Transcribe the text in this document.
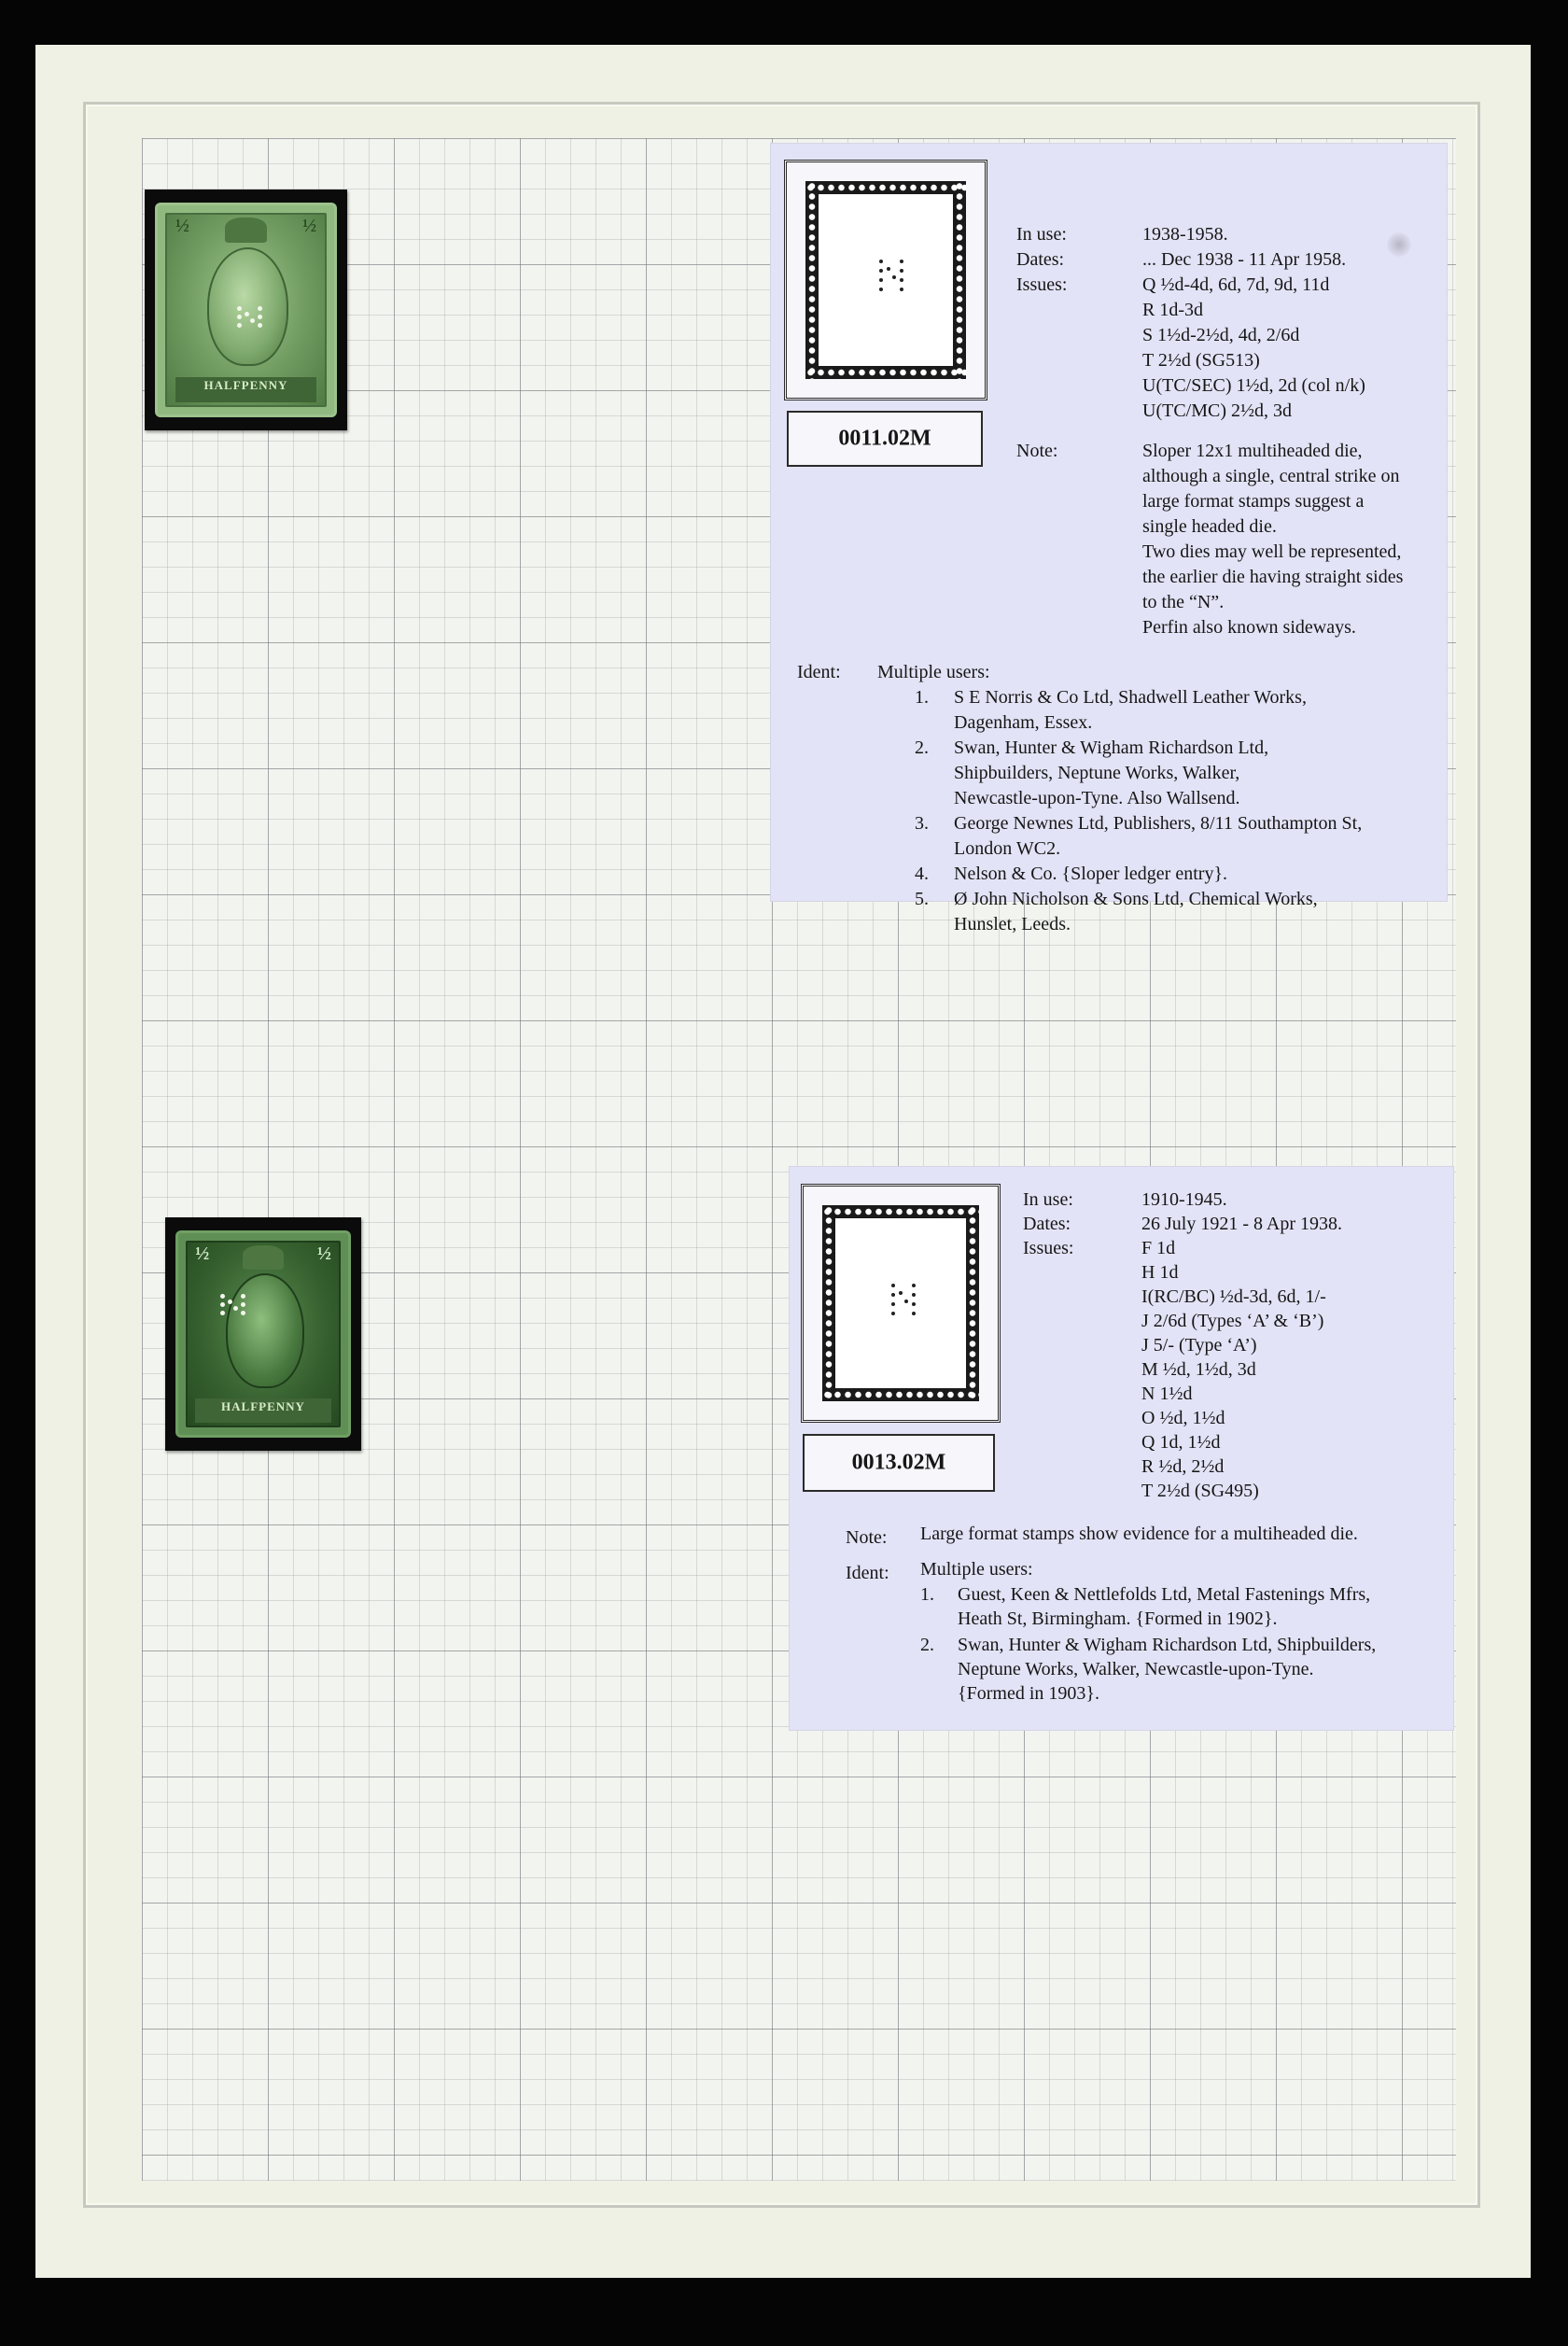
½	½
HALFPENNY
½	½
HALFPENNY
0011.02M
In use:	1938-1958.
Dates:	... Dec 1938 - 11 Apr 1958.
Issues:	Q ½d-4d, 6d, 7d, 9d, 11d
R 1d-3d
S 1½d-2½d, 4d, 2/6d
T 2½d (SG513)
U(TC/SEC) 1½d, 2d (col n/k)
U(TC/MC) 2½d, 3d
Note:	Sloper 12x1 multiheaded die,
although a single, central strike on
large format stamps suggest a
single headed die.
Two dies may well be represented,
the earlier die having straight sides
to the “N”.
Perfin also known sideways.
Ident: Multiple users:
1. S E Norris & Co Ltd, Shadwell Leather Works,
Dagenham, Essex.
2. Swan, Hunter & Wigham Richardson Ltd,
Shipbuilders, Neptune Works, Walker,
Newcastle-upon-Tyne. Also Wallsend.
3. George Newnes Ltd, Publishers, 8/11 Southampton St,
London WC2.
4. Nelson & Co. {Sloper ledger entry}.
5. Ø John Nicholson & Sons Ltd, Chemical Works,
Hunslet, Leeds.
0013.02M
In use:	1910-1945.
Dates:	26 July 1921 - 8 Apr 1938.
Issues:	F 1d
H 1d
I(RC/BC) ½d-3d, 6d, 1/-
J 2/6d (Types ‘A’ & ‘B’)
J 5/- (Type ‘A’)
M ½d, 1½d, 3d
N 1½d
O ½d, 1½d
Q 1d, 1½d
R ½d, 2½d
T 2½d (SG495)
Note: Large format stamps show evidence for a multiheaded die.
Ident: Multiple users:
1. Guest, Keen & Nettlefolds Ltd, Metal Fastenings Mfrs,
Heath St, Birmingham. {Formed in 1902}.
2. Swan, Hunter & Wigham Richardson Ltd, Shipbuilders,
Neptune Works, Walker, Newcastle-upon-Tyne.
{Formed in 1903}.
